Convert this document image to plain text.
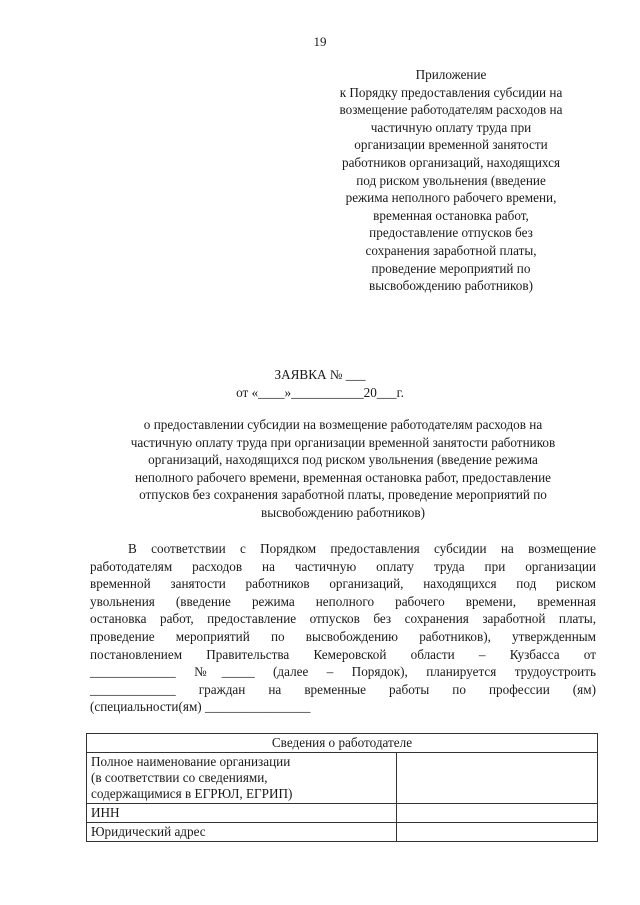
19
Приложение
к Порядку предоставления субсидии на
возмещение работодателям расходов на
частичную оплату труда при
организации временной занятости
работников организаций, находящихся
под риском увольнения (введение
режима неполного рабочего времени,
временная остановка работ,
предоставление отпусков без
сохранения заработной платы,
проведение мероприятий по
высвобождению работников)
ЗАЯВКА № ___
от «____»___________20___г.
о предоставлении субсидии на возмещение работодателям расходов на
частичную оплату труда при организации временной занятости работников
организаций, находящихся под риском увольнения (введение режима
неполного рабочего времени, временная остановка работ, предоставление
отпусков без сохранения заработной платы, проведение мероприятий по
высвобождению работников)
В соответствии с Порядком предоставления субсидии на возмещение
работодателям расходов на частичную оплату труда при организации
временной занятости работников организаций, находящихся под риском
увольнения (введение режима неполного рабочего времени, временная
остановка работ, предоставление отпусков без сохранения заработной платы,
проведение мероприятий по высвобождению работников), утвержденным
постановлением Правительства Кемеровской области – Кузбасса от
_____________ №_____ (далее – Порядок), планируется трудоустроить
_____________ граждан на временные работы по профессии (ям)
(специальности(ям) ________________
Сведения о работодателе	

Полное наименование организации
(в соответствии со сведениями,
содержащимися в ЕГРЮЛ, ЕГРИП)	

ИНН	

Юридический адрес	
